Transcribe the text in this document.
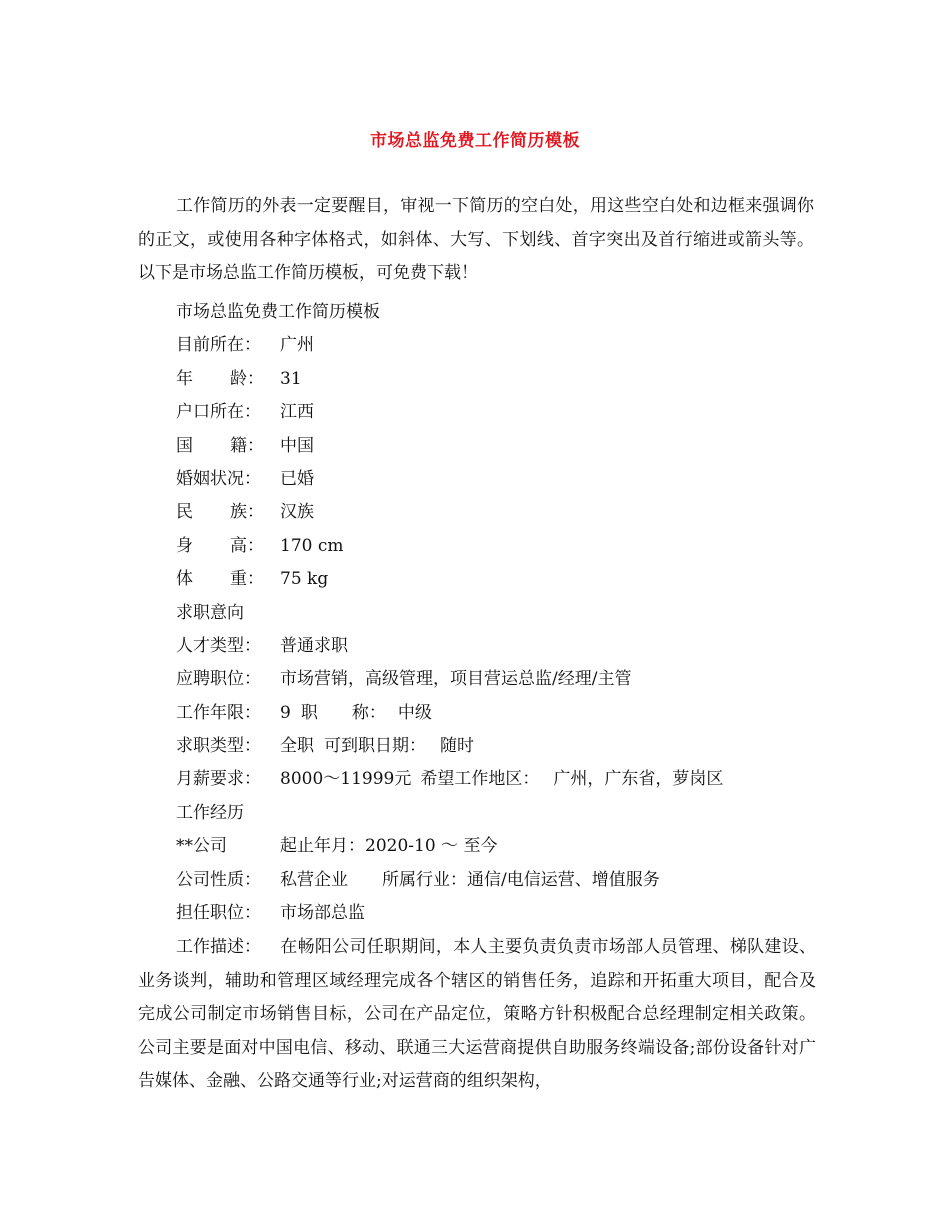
市场总监免费工作简历模板

工作简历的外表一定要醒目，审视一下简历的空白处，用这些空白处和边框来强调你的正文，或使用各种字体格式，如斜体、大写、下划线、首字突出及首行缩进或箭头等。以下是市场总监工作简历模板，可免费下载！

市场总监免费工作简历模板
目前所在：	广州
年 龄： 31
户口所在：	江西
国 籍： 中国
婚姻状况：	已婚
民 族： 汉族
身 高： 170 cm
体 重： 75 kg
求职意向
人才类型：	普通求职
应聘职位：	市场营销，高级管理，项目营运总监/经理/主管
工作年限：	9 职 称： 中级
求职类型：	全职 可到职日期： 随时
月薪要求：	8000～11999元 希望工作地区： 广州，广东省，萝岗区
工作经历
**公司	起止年月： 2020-10 ～ 至今
公司性质：	私营企业 所属行业： 通信/电信运营、增值服务
担任职位：	市场部总监

工作描述： 在畅阳公司任职期间，本人主要负责负责市场部人员管理、梯队建设、业务谈判，辅助和管理区域经理完成各个辖区的销售任务，追踪和开拓重大项目，配合及完成公司制定市场销售目标，公司在产品定位，策略方针积极配合总经理制定相关政策。公司主要是面对中国电信、移动、联通三大运营商提供自助服务终端设备;部份设备针对广告媒体、金融、公路交通等行业;对运营商的组织架构，
